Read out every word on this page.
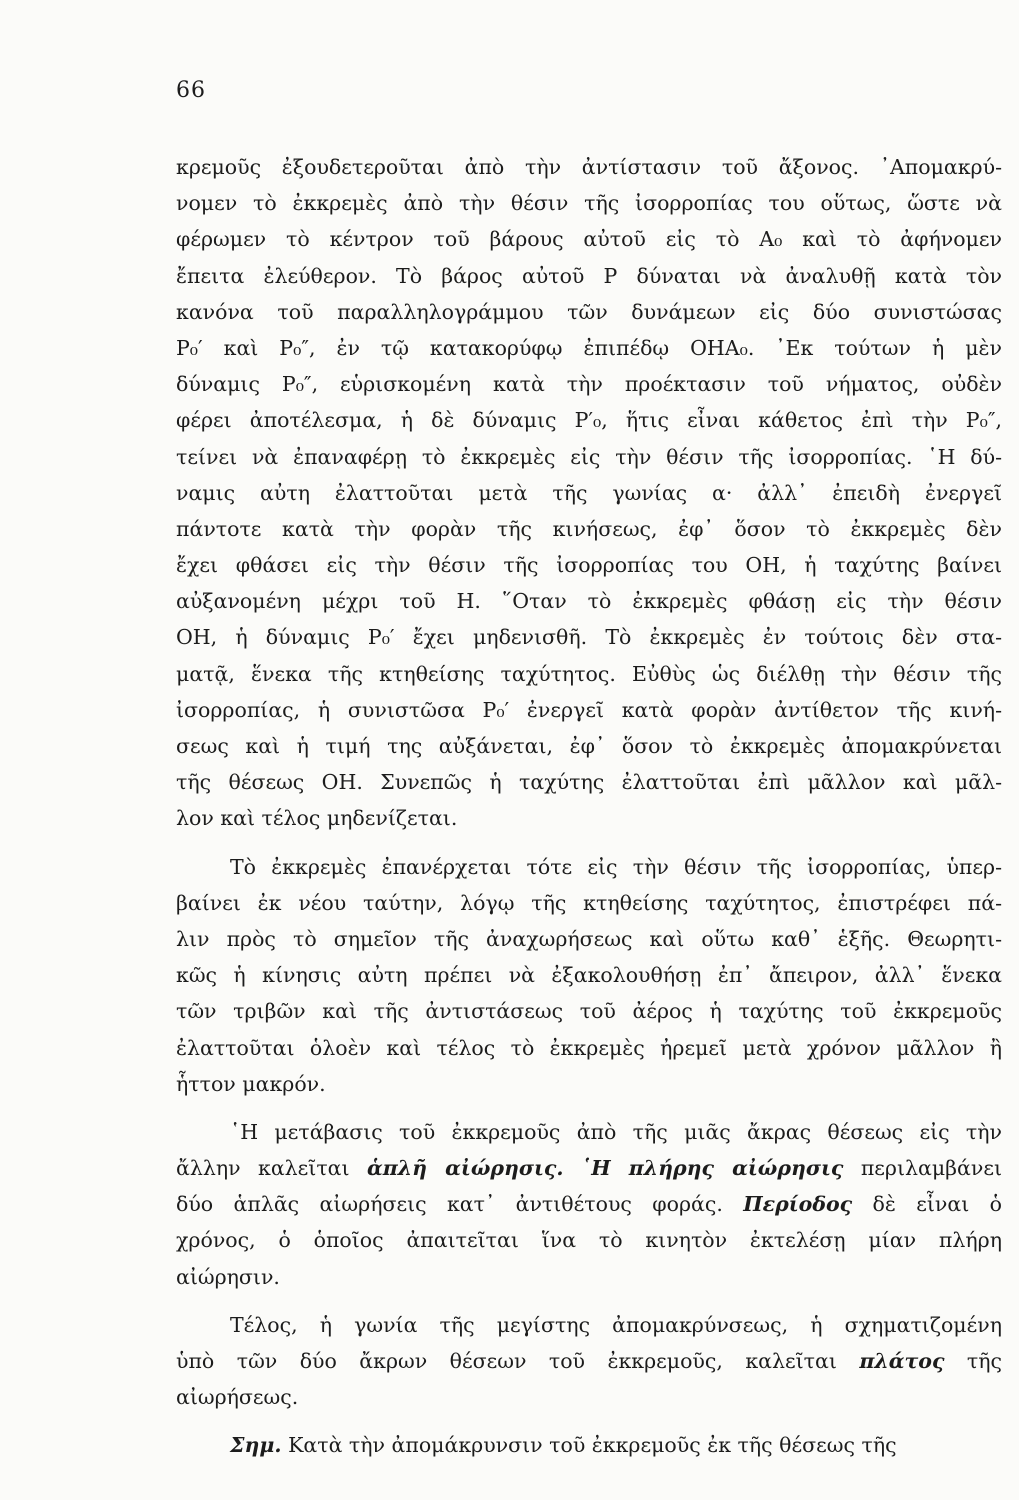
66
κρεμοῦς ἐξουδετεροῦται ἀπὸ τὴν ἀντίστασιν τοῦ ἄξονος. ᾿Απομακρύ-
νομεν τὸ ἐκκρεμὲς ἀπὸ τὴν θέσιν τῆς ἰσορροπίας του οὕτως, ὥστε νὰ
φέρωμεν τὸ κέντρον τοῦ βάρους αὐτοῦ εἰς τὸ A₀ καὶ τὸ ἀφήνομεν
ἔπειτα ἐλεύθερον. Τὸ βάρος αὐτοῦ P δύναται νὰ ἀναλυθῇ κατὰ τὸν
κανόνα τοῦ παραλληλογράμμου τῶν δυνάμεων εἰς δύο συνιστώσας
P₀′ καὶ P₀″, ἐν τῷ κατακορύφῳ ἐπιπέδῳ OHA₀. ᾿Εκ τούτων ἡ μὲν
δύναμις P₀″, εὑρισκομένη κατὰ τὴν προέκτασιν τοῦ νήματος, οὐδὲν
φέρει ἀποτέλεσμα, ἡ δὲ δύναμις P′₀, ἥτις εἶναι κάθετος ἐπὶ τὴν P₀″,
τείνει νὰ ἐπαναφέρῃ τὸ ἐκκρεμὲς εἰς τὴν θέσιν τῆς ἰσορροπίας. ῾Η δύ-
ναμις αὐτη ἐλαττοῦται μετὰ τῆς γωνίας α· ἀλλ᾿ ἐπειδὴ ἐνεργεῖ
πάντοτε κατὰ τὴν φορὰν τῆς κινήσεως, ἐφ᾿ ὅσον τὸ ἐκκρεμὲς δὲν
ἔχει φθάσει εἰς τὴν θέσιν τῆς ἰσορροπίας του OH, ἡ ταχύτης βαίνει
αὐξανομένη μέχρι τοῦ H. ῞Οταν τὸ ἐκκρεμὲς φθάσῃ εἰς τὴν θέσιν
OH, ἡ δύναμις P₀′ ἔχει μηδενισθῆ. Τὸ ἐκκρεμὲς ἐν τούτοις δὲν στα-
ματᾷ, ἕνεκα τῆς κτηθείσης ταχύτητος. Εὐθὺς ὡς διέλθῃ τὴν θέσιν τῆς
ἰσορροπίας, ἡ συνιστῶσα P₀′ ἐνεργεῖ κατὰ φορὰν ἀντίθετον τῆς κινή-
σεως καὶ ἡ τιμή της αὐξάνεται, ἐφ᾿ ὅσον τὸ ἐκκρεμὲς ἀπομακρύνεται
τῆς θέσεως OH. Συνεπῶς ἡ ταχύτης ἐλαττοῦται ἐπὶ μᾶλλον καὶ μᾶλ-
λον καὶ τέλος μηδενίζεται.
Τὸ ἐκκρεμὲς ἐπανέρχεται τότε εἰς τὴν θέσιν τῆς ἰσορροπίας, ὑπερ-
βαίνει ἐκ νέου ταύτην, λόγῳ τῆς κτηθείσης ταχύτητος, ἐπιστρέφει πά-
λιν πρὸς τὸ σημεῖον τῆς ἀναχωρήσεως καὶ οὕτω καθ᾿ ἑξῆς. Θεωρητι-
κῶς ἡ κίνησις αὐτη πρέπει νὰ ἐξακολουθήσῃ ἐπ᾿ ἄπειρον, ἀλλ᾿ ἕνεκα
τῶν τριβῶν καὶ τῆς ἀντιστάσεως τοῦ ἀέρος ἡ ταχύτης τοῦ ἐκκρεμοῦς
ἐλαττοῦται ὁλοὲν καὶ τέλος τὸ ἐκκρεμὲς ἠρεμεῖ μετὰ χρόνον μᾶλλον ἢ
ἧττον μακρόν.
῾Η μετάβασις τοῦ ἐκκρεμοῦς ἀπὸ τῆς μιᾶς ἄκρας θέσεως εἰς τὴν
ἄλλην καλεῖται ἁπλῆ αἰώρησις. ῾Η πλήρης αἰώρησις περιλαμβάνει
δύο ἁπλᾶς αἰωρήσεις κατ᾿ ἀντιθέτους φοράς. Περίοδος δὲ εἶναι ὁ
χρόνος, ὁ ὁποῖος ἀπαιτεῖται ἵνα τὸ κινητὸν ἐκτελέσῃ μίαν πλήρη
αἰώρησιν.
Τέλος, ἡ γωνία τῆς μεγίστης ἀπομακρύνσεως, ἡ σχηματιζομένη
ὑπὸ τῶν δύο ἄκρων θέσεων τοῦ ἐκκρεμοῦς, καλεῖται πλάτος τῆς
αἰωρήσεως.
Σημ. Κατὰ τὴν ἀπομάκρυνσιν τοῦ ἐκκρεμοῦς ἐκ τῆς θέσεως τῆς
